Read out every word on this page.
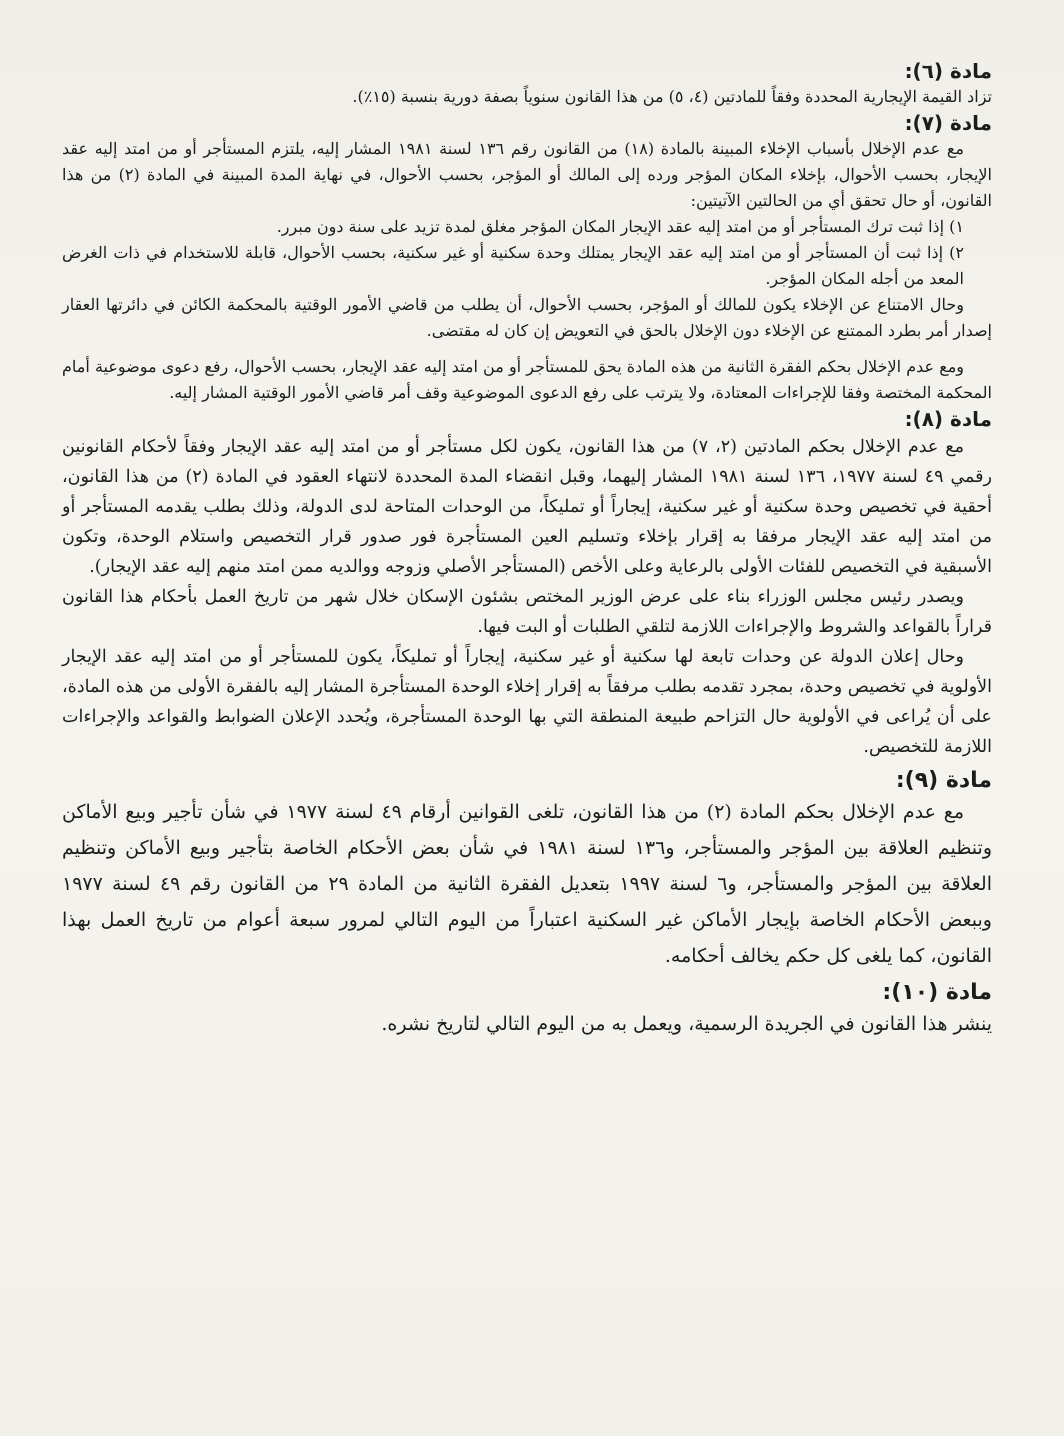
مادة (٦):

تزاد القيمة الإيجارية المحددة وفقاً للمادتين (٤، ٥) من هذا القانون سنوياً بصفة دورية بنسبة (١٥٪).

مادة (٧):

مع عدم الإخلال بأسباب الإخلاء المبينة بالمادة (١٨) من القانون رقم ١٣٦ لسنة ١٩٨١ المشار إليه، يلتزم المستأجر أو من امتد إليه عقد الإيجار، بحسب الأحوال، بإخلاء المكان المؤجر ورده إلى المالك أو المؤجر، بحسب الأحوال، في نهاية المدة المبينة في المادة (٢) من هذا القانون، أو حال تحقق أي من الحالتين الآتيتين:

١) إذا ثبت ترك المستأجر أو من امتد إليه عقد الإيجار المكان المؤجر مغلق لمدة تزيد على سنة دون مبرر.

٢) إذا ثبت أن المستأجر أو من امتد إليه عقد الإيجار يمتلك وحدة سكنية أو غير سكنية، بحسب الأحوال، قابلة للاستخدام في ذات الغرض المعد من أجله المكان المؤجر.

وحال الامتناع عن الإخلاء يكون للمالك أو المؤجر، بحسب الأحوال، أن يطلب من قاضي الأمور الوقتية بالمحكمة الكائن في دائرتها العقار إصدار أمر بطرد الممتنع عن الإخلاء دون الإخلال بالحق في التعويض إن كان له مقتضى.

ومع عدم الإخلال بحكم الفقرة الثانية من هذه المادة يحق للمستأجر أو من امتد إليه عقد الإيجار، بحسب الأحوال، رفع دعوى موضوعية أمام المحكمة المختصة وفقا للإجراءات المعتادة، ولا يترتب على رفع الدعوى الموضوعية وقف أمر قاضي الأمور الوقتية المشار إليه.

مادة (٨):

مع عدم الإخلال بحكم المادتين (٢، ٧) من هذا القانون، يكون لكل مستأجر أو من امتد إليه عقد الإيجار وفقاً لأحكام القانونين رقمي ٤٩ لسنة ١٩٧٧، ١٣٦ لسنة ١٩٨١ المشار إليهما، وقبل انقضاء المدة المحددة لانتهاء العقود في المادة (٢) من هذا القانون، أحقية في تخصيص وحدة سكنية أو غير سكنية، إيجاراً أو تمليكاً، من الوحدات المتاحة لدى الدولة، وذلك بطلب يقدمه المستأجر أو من امتد إليه عقد الإيجار مرفقا به إقرار بإخلاء وتسليم العين المستأجرة فور صدور قرار التخصيص واستلام الوحدة، وتكون الأسبقية في التخصيص للفئات الأولى بالرعاية وعلى الأخص (المستأجر الأصلي وزوجه ووالديه ممن امتد منهم إليه عقد الإيجار).

ويصدر رئيس مجلس الوزراء بناء على عرض الوزير المختص بشئون الإسكان خلال شهر من تاريخ العمل بأحكام هذا القانون قراراً بالقواعد والشروط والإجراءات اللازمة لتلقي الطلبات أو البت فيها.

وحال إعلان الدولة عن وحدات تابعة لها سكنية أو غير سكنية، إيجاراً أو تمليكاً، يكون للمستأجر أو من امتد إليه عقد الإيجار الأولوية في تخصيص وحدة، بمجرد تقدمه بطلب مرفقاً به إقرار إخلاء الوحدة المستأجرة المشار إليه بالفقرة الأولى من هذه المادة، على أن يُراعى في الأولوية حال التزاحم طبيعة المنطقة التي بها الوحدة المستأجرة، ويُحدد الإعلان الضوابط والقواعد والإجراءات اللازمة للتخصيص.

مادة (٩):

مع عدم الإخلال بحكم المادة (٢) من هذا القانون، تلغى القوانين أرقام ٤٩ لسنة ١٩٧٧ في شأن تأجير وبيع الأماكن وتنظيم العلاقة بين المؤجر والمستأجر، و١٣٦ لسنة ١٩٨١ في شأن بعض الأحكام الخاصة بتأجير وبيع الأماكن وتنظيم العلاقة بين المؤجر والمستأجر، و٦ لسنة ١٩٩٧ بتعديل الفقرة الثانية من المادة ٢٩ من القانون رقم ٤٩ لسنة ١٩٧٧ وببعض الأحكام الخاصة بإيجار الأماكن غير السكنية اعتباراً من اليوم التالي لمرور سبعة أعوام من تاريخ العمل بهذا القانون، كما يلغى كل حكم يخالف أحكامه.

مادة (١٠):

ينشر هذا القانون في الجريدة الرسمية، ويعمل به من اليوم التالي لتاريخ نشره.
